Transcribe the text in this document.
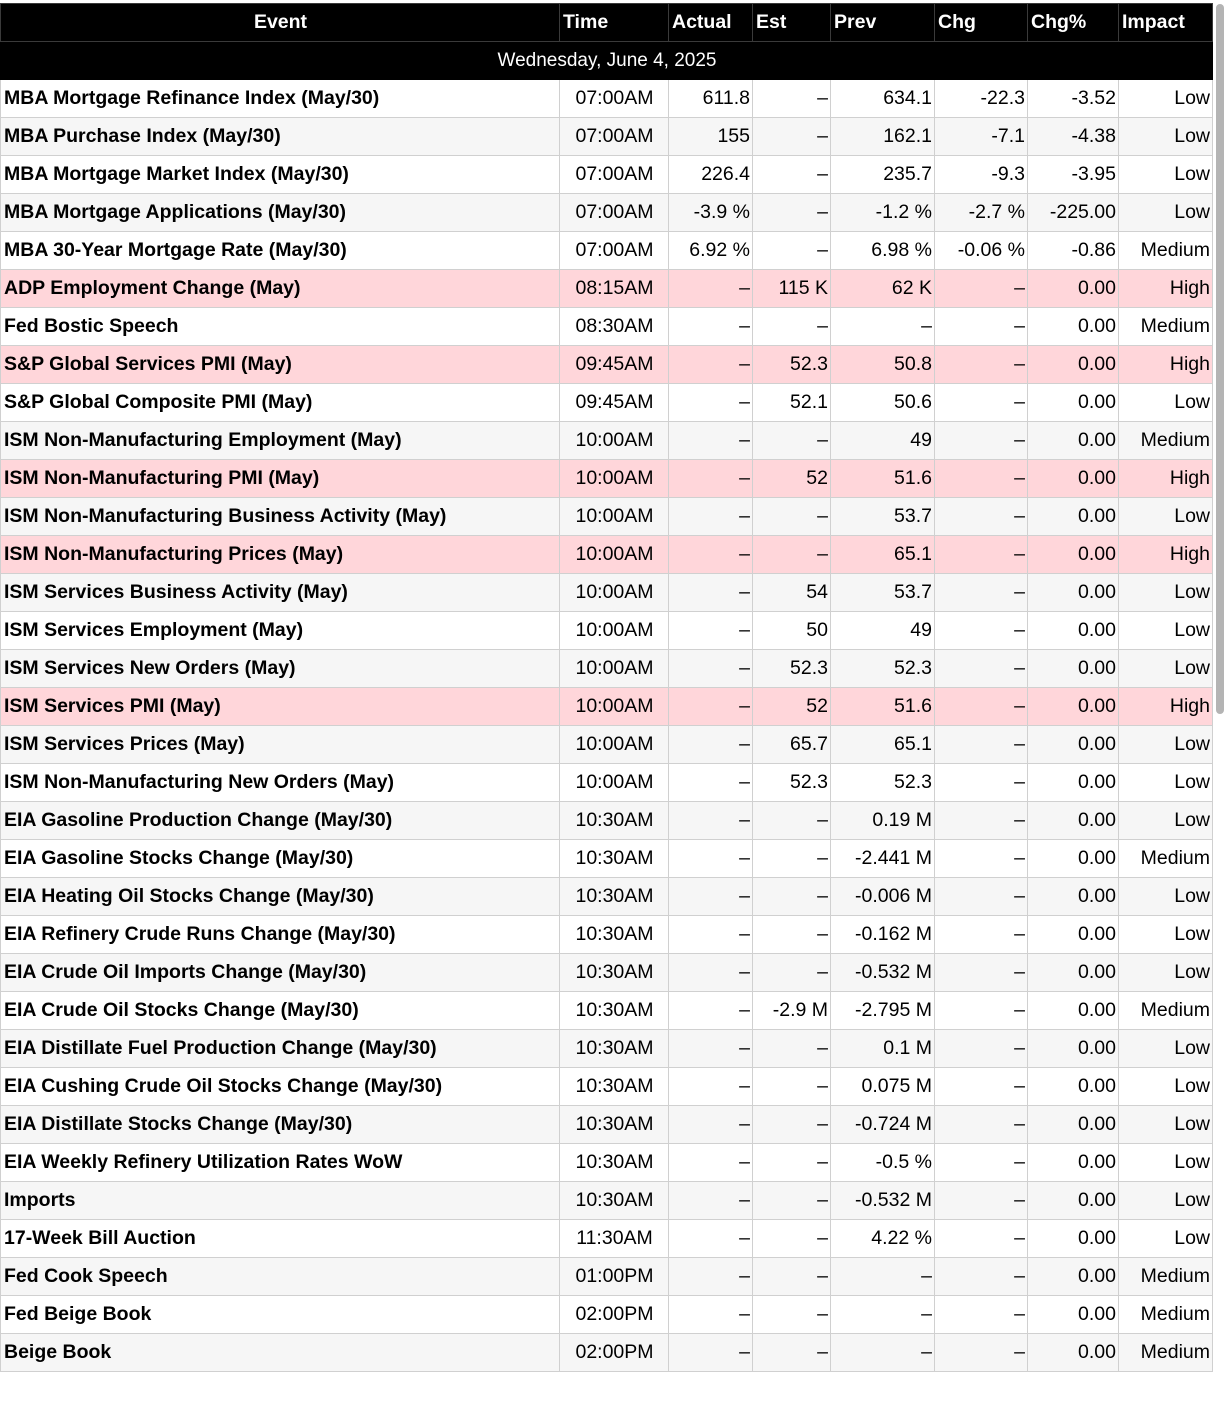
Event	Time	Actual	Est	Prev	Chg	Chg%	Impact
Wednesday, June 4, 2025							
MBA Mortgage Refinance Index (May/30)	07:00AM	611.8	–	634.1	-22.3	-3.52	Low
MBA Purchase Index (May/30)	07:00AM	155	–	162.1	-7.1	-4.38	Low
MBA Mortgage Market Index (May/30)	07:00AM	226.4	–	235.7	-9.3	-3.95	Low
MBA Mortgage Applications (May/30)	07:00AM	-3.9 %	–	-1.2 %	-2.7 %	-225.00	Low
MBA 30-Year Mortgage Rate (May/30)	07:00AM	6.92 %	–	6.98 %	-0.06 %	-0.86	Medium
ADP Employment Change (May)	08:15AM	–	115 K	62 K	–	0.00	High
Fed Bostic Speech	08:30AM	–	–	–	–	0.00	Medium
S&P Global Services PMI (May)	09:45AM	–	52.3	50.8	–	0.00	High
S&P Global Composite PMI (May)	09:45AM	–	52.1	50.6	–	0.00	Low
ISM Non-Manufacturing Employment (May)	10:00AM	–	–	49	–	0.00	Medium
ISM Non-Manufacturing PMI (May)	10:00AM	–	52	51.6	–	0.00	High
ISM Non-Manufacturing Business Activity (May)	10:00AM	–	–	53.7	–	0.00	Low
ISM Non-Manufacturing Prices (May)	10:00AM	–	–	65.1	–	0.00	High
ISM Services Business Activity (May)	10:00AM	–	54	53.7	–	0.00	Low
ISM Services Employment (May)	10:00AM	–	50	49	–	0.00	Low
ISM Services New Orders (May)	10:00AM	–	52.3	52.3	–	0.00	Low
ISM Services PMI (May)	10:00AM	–	52	51.6	–	0.00	High
ISM Services Prices (May)	10:00AM	–	65.7	65.1	–	0.00	Low
ISM Non-Manufacturing New Orders (May)	10:00AM	–	52.3	52.3	–	0.00	Low
EIA Gasoline Production Change (May/30)	10:30AM	–	–	0.19 M	–	0.00	Low
EIA Gasoline Stocks Change (May/30)	10:30AM	–	–	-2.441 M	–	0.00	Medium
EIA Heating Oil Stocks Change (May/30)	10:30AM	–	–	-0.006 M	–	0.00	Low
EIA Refinery Crude Runs Change (May/30)	10:30AM	–	–	-0.162 M	–	0.00	Low
EIA Crude Oil Imports Change (May/30)	10:30AM	–	–	-0.532 M	–	0.00	Low
EIA Crude Oil Stocks Change (May/30)	10:30AM	–	-2.9 M	-2.795 M	–	0.00	Medium
EIA Distillate Fuel Production Change (May/30)	10:30AM	–	–	0.1 M	–	0.00	Low
EIA Cushing Crude Oil Stocks Change (May/30)	10:30AM	–	–	0.075 M	–	0.00	Low
EIA Distillate Stocks Change (May/30)	10:30AM	–	–	-0.724 M	–	0.00	Low
EIA Weekly Refinery Utilization Rates WoW	10:30AM	–	–	-0.5 %	–	0.00	Low
Imports	10:30AM	–	–	-0.532 M	–	0.00	Low
17-Week Bill Auction	11:30AM	–	–	4.22 %	–	0.00	Low
Fed Cook Speech	01:00PM	–	–	–	–	0.00	Medium
Fed Beige Book	02:00PM	–	–	–	–	0.00	Medium
Beige Book	02:00PM	–	–	–	–	0.00	Medium
